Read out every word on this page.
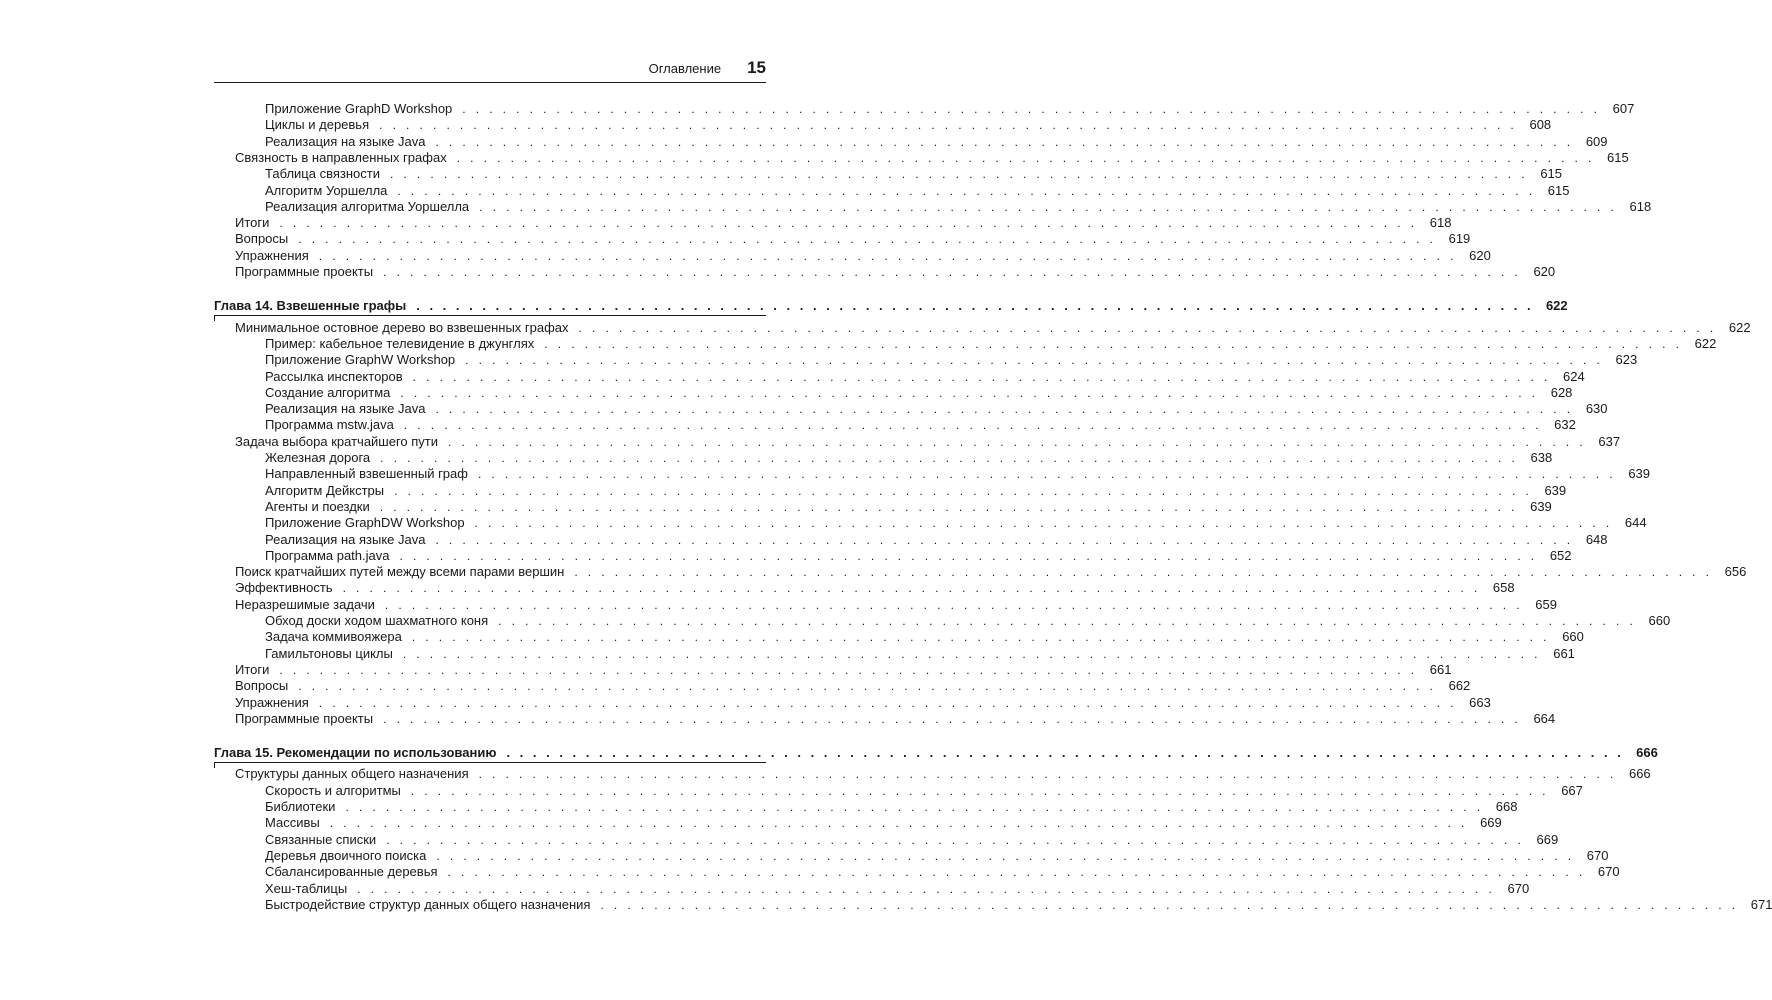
Оглавление 15
Приложение GraphD Workshop . . . . . . . . . . . . . . . . . . . . . . . . . . . . . . . . . . . . . . . . . . . . . . . . . . . . . . . . . . . . . . . . . . . . . . . . . . . . . . . . . . . . . 607
Циклы и деревья . . . . . . . . . . . . . . . . . . . . . . . . . . . . . . . . . . . . . . . . . . . . . . . . . . . . . . . . . . . . . . . . . . . . . . . . . . . . . . . . . . . . . 608
Реализация на языке Java . . . . . . . . . . . . . . . . . . . . . . . . . . . . . . . . . . . . . . . . . . . . . . . . . . . . . . . . . . . . . . . . . . . . . . . . . . . . . . . . . . . . . 609
Связность в направленных графах . . . . . . . . . . . . . . . . . . . . . . . . . . . . . . . . . . . . . . . . . . . . . . . . . . . . . . . . . . . . . . . . . . . . . . . . . . . . . . . . . . . . . 615
Таблица связности . . . . . . . . . . . . . . . . . . . . . . . . . . . . . . . . . . . . . . . . . . . . . . . . . . . . . . . . . . . . . . . . . . . . . . . . . . . . . . . . . . . . . 615
Алгоритм Уоршелла . . . . . . . . . . . . . . . . . . . . . . . . . . . . . . . . . . . . . . . . . . . . . . . . . . . . . . . . . . . . . . . . . . . . . . . . . . . . . . . . . . . . . 615
Реализация алгоритма Уоршелла . . . . . . . . . . . . . . . . . . . . . . . . . . . . . . . . . . . . . . . . . . . . . . . . . . . . . . . . . . . . . . . . . . . . . . . . . . . . . . . . . . . . . 618
Итоги . . . . . . . . . . . . . . . . . . . . . . . . . . . . . . . . . . . . . . . . . . . . . . . . . . . . . . . . . . . . . . . . . . . . . . . . . . . . . . . . . . . . . 618
Вопросы . . . . . . . . . . . . . . . . . . . . . . . . . . . . . . . . . . . . . . . . . . . . . . . . . . . . . . . . . . . . . . . . . . . . . . . . . . . . . . . . . . . . . 619
Упражнения . . . . . . . . . . . . . . . . . . . . . . . . . . . . . . . . . . . . . . . . . . . . . . . . . . . . . . . . . . . . . . . . . . . . . . . . . . . . . . . . . . . . . 620
Программные проекты . . . . . . . . . . . . . . . . . . . . . . . . . . . . . . . . . . . . . . . . . . . . . . . . . . . . . . . . . . . . . . . . . . . . . . . . . . . . . . . . . . . . . 620
Глава 14. Взвешенные графы . . . . . . . . . . . . . . . . . . . . . . . . . . . . . . . . . . . . . . . . . . . . . . . . . . . . . . . . . . . . . . . . . . . . . . . . . . . . . . . . . . . . . 622
Минимальное остовное дерево во взвешенных графах . . . . . . . . . . . . . . . . . . . . . . . . . . . . . . . . . . . . . . . . . . . . . . . . . . . . . . . . . . . . . . . . . . . . . . . . . . . . . . . . . . . . . 622
Пример: кабельное телевидение в джунглях . . . . . . . . . . . . . . . . . . . . . . . . . . . . . . . . . . . . . . . . . . . . . . . . . . . . . . . . . . . . . . . . . . . . . . . . . . . . . . . . . . . . . 622
Приложение GraphW Workshop . . . . . . . . . . . . . . . . . . . . . . . . . . . . . . . . . . . . . . . . . . . . . . . . . . . . . . . . . . . . . . . . . . . . . . . . . . . . . . . . . . . . . 623
Рассылка инспекторов . . . . . . . . . . . . . . . . . . . . . . . . . . . . . . . . . . . . . . . . . . . . . . . . . . . . . . . . . . . . . . . . . . . . . . . . . . . . . . . . . . . . . 624
Создание алгоритма . . . . . . . . . . . . . . . . . . . . . . . . . . . . . . . . . . . . . . . . . . . . . . . . . . . . . . . . . . . . . . . . . . . . . . . . . . . . . . . . . . . . . 628
Реализация на языке Java . . . . . . . . . . . . . . . . . . . . . . . . . . . . . . . . . . . . . . . . . . . . . . . . . . . . . . . . . . . . . . . . . . . . . . . . . . . . . . . . . . . . . 630
Программа mstw.java . . . . . . . . . . . . . . . . . . . . . . . . . . . . . . . . . . . . . . . . . . . . . . . . . . . . . . . . . . . . . . . . . . . . . . . . . . . . . . . . . . . . . 632
Задача выбора кратчайшего пути . . . . . . . . . . . . . . . . . . . . . . . . . . . . . . . . . . . . . . . . . . . . . . . . . . . . . . . . . . . . . . . . . . . . . . . . . . . . . . . . . . . . . 637
Железная дорога . . . . . . . . . . . . . . . . . . . . . . . . . . . . . . . . . . . . . . . . . . . . . . . . . . . . . . . . . . . . . . . . . . . . . . . . . . . . . . . . . . . . . 638
Направленный взвешенный граф . . . . . . . . . . . . . . . . . . . . . . . . . . . . . . . . . . . . . . . . . . . . . . . . . . . . . . . . . . . . . . . . . . . . . . . . . . . . . . . . . . . . . 639
Алгоритм Дейкстры . . . . . . . . . . . . . . . . . . . . . . . . . . . . . . . . . . . . . . . . . . . . . . . . . . . . . . . . . . . . . . . . . . . . . . . . . . . . . . . . . . . . . 639
Агенты и поездки . . . . . . . . . . . . . . . . . . . . . . . . . . . . . . . . . . . . . . . . . . . . . . . . . . . . . . . . . . . . . . . . . . . . . . . . . . . . . . . . . . . . . 639
Приложение GraphDW Workshop . . . . . . . . . . . . . . . . . . . . . . . . . . . . . . . . . . . . . . . . . . . . . . . . . . . . . . . . . . . . . . . . . . . . . . . . . . . . . . . . . . . . . 644
Реализация на языке Java . . . . . . . . . . . . . . . . . . . . . . . . . . . . . . . . . . . . . . . . . . . . . . . . . . . . . . . . . . . . . . . . . . . . . . . . . . . . . . . . . . . . . 648
Программа path.java . . . . . . . . . . . . . . . . . . . . . . . . . . . . . . . . . . . . . . . . . . . . . . . . . . . . . . . . . . . . . . . . . . . . . . . . . . . . . . . . . . . . . 652
Поиск кратчайших путей между всеми парами вершин . . . . . . . . . . . . . . . . . . . . . . . . . . . . . . . . . . . . . . . . . . . . . . . . . . . . . . . . . . . . . . . . . . . . . . . . . . . . . . . . . . . . . 656
Эффективность . . . . . . . . . . . . . . . . . . . . . . . . . . . . . . . . . . . . . . . . . . . . . . . . . . . . . . . . . . . . . . . . . . . . . . . . . . . . . . . . . . . . . 658
Неразрешимые задачи . . . . . . . . . . . . . . . . . . . . . . . . . . . . . . . . . . . . . . . . . . . . . . . . . . . . . . . . . . . . . . . . . . . . . . . . . . . . . . . . . . . . . 659
Обход доски ходом шахматного коня . . . . . . . . . . . . . . . . . . . . . . . . . . . . . . . . . . . . . . . . . . . . . . . . . . . . . . . . . . . . . . . . . . . . . . . . . . . . . . . . . . . . . 660
Задача коммивояжера . . . . . . . . . . . . . . . . . . . . . . . . . . . . . . . . . . . . . . . . . . . . . . . . . . . . . . . . . . . . . . . . . . . . . . . . . . . . . . . . . . . . . 660
Гамильтоновы циклы . . . . . . . . . . . . . . . . . . . . . . . . . . . . . . . . . . . . . . . . . . . . . . . . . . . . . . . . . . . . . . . . . . . . . . . . . . . . . . . . . . . . . 661
Итоги . . . . . . . . . . . . . . . . . . . . . . . . . . . . . . . . . . . . . . . . . . . . . . . . . . . . . . . . . . . . . . . . . . . . . . . . . . . . . . . . . . . . . 661
Вопросы . . . . . . . . . . . . . . . . . . . . . . . . . . . . . . . . . . . . . . . . . . . . . . . . . . . . . . . . . . . . . . . . . . . . . . . . . . . . . . . . . . . . . 662
Упражнения . . . . . . . . . . . . . . . . . . . . . . . . . . . . . . . . . . . . . . . . . . . . . . . . . . . . . . . . . . . . . . . . . . . . . . . . . . . . . . . . . . . . . 663
Программные проекты . . . . . . . . . . . . . . . . . . . . . . . . . . . . . . . . . . . . . . . . . . . . . . . . . . . . . . . . . . . . . . . . . . . . . . . . . . . . . . . . . . . . . 664
Глава 15. Рекомендации по использованию . . . . . . . . . . . . . . . . . . . . . . . . . . . . . . . . . . . . . . . . . . . . . . . . . . . . . . . . . . . . . . . . . . . . . . . . . . . . . . . . . . . . . 666
Структуры данных общего назначения . . . . . . . . . . . . . . . . . . . . . . . . . . . . . . . . . . . . . . . . . . . . . . . . . . . . . . . . . . . . . . . . . . . . . . . . . . . . . . . . . . . . . 666
Скорость и алгоритмы . . . . . . . . . . . . . . . . . . . . . . . . . . . . . . . . . . . . . . . . . . . . . . . . . . . . . . . . . . . . . . . . . . . . . . . . . . . . . . . . . . . . . 667
Библиотеки . . . . . . . . . . . . . . . . . . . . . . . . . . . . . . . . . . . . . . . . . . . . . . . . . . . . . . . . . . . . . . . . . . . . . . . . . . . . . . . . . . . . . 668
Массивы . . . . . . . . . . . . . . . . . . . . . . . . . . . . . . . . . . . . . . . . . . . . . . . . . . . . . . . . . . . . . . . . . . . . . . . . . . . . . . . . . . . . . 669
Связанные списки . . . . . . . . . . . . . . . . . . . . . . . . . . . . . . . . . . . . . . . . . . . . . . . . . . . . . . . . . . . . . . . . . . . . . . . . . . . . . . . . . . . . . 669
Деревья двоичного поиска . . . . . . . . . . . . . . . . . . . . . . . . . . . . . . . . . . . . . . . . . . . . . . . . . . . . . . . . . . . . . . . . . . . . . . . . . . . . . . . . . . . . . 670
Сбалансированные деревья . . . . . . . . . . . . . . . . . . . . . . . . . . . . . . . . . . . . . . . . . . . . . . . . . . . . . . . . . . . . . . . . . . . . . . . . . . . . . . . . . . . . . 670
Хеш-таблицы . . . . . . . . . . . . . . . . . . . . . . . . . . . . . . . . . . . . . . . . . . . . . . . . . . . . . . . . . . . . . . . . . . . . . . . . . . . . . . . . . . . . . 670
Быстродействие структур данных общего назначения . . . . . . . . . . . . . . . . . . . . . . . . . . . . . . . . . . . . . . . . . . . . . . . . . . . . . . . . . . . . . . . . . . . . . . . . . . . . . . . . . . . . . 671
